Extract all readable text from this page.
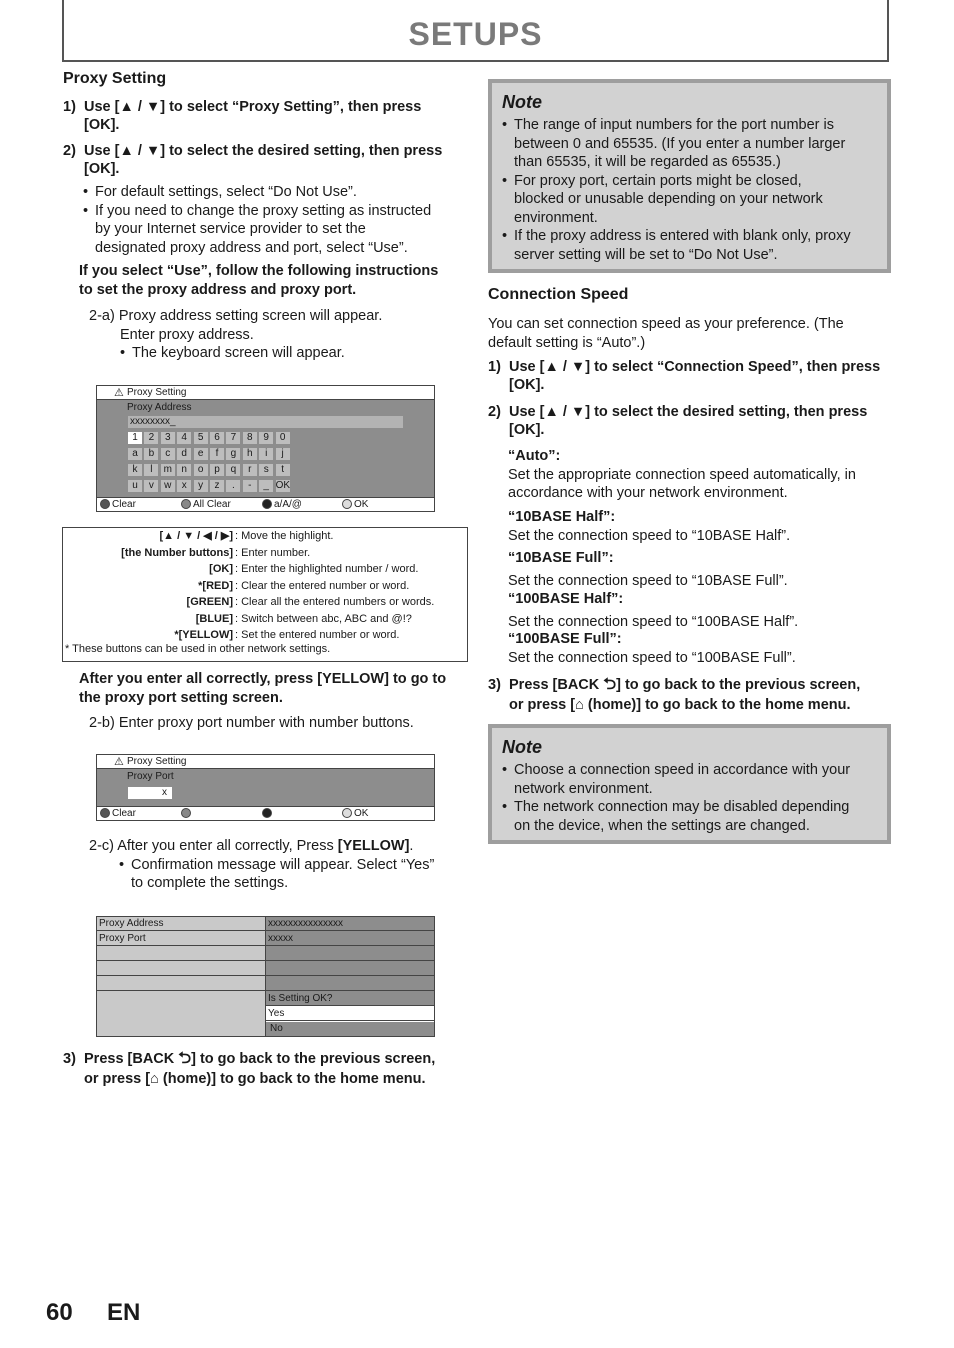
SETUPS
Proxy Setting
1) Use [▲ / ▼] to select “Proxy Setting”, then press
[OK].
2) Use [▲ / ▼] to select the desired setting, then press
[OK].
• For default settings, select “Do Not Use”.
• If you need to change the proxy setting as instructed
by your Internet service provider to set the
designated proxy address and port, select “Use”.
If you select “Use”, follow the following instructions
to set the proxy address and proxy port.
2-a) Proxy address setting screen will appear.
Enter proxy address.
• The keyboard screen will appear.
⚠ Proxy Setting
Proxy Address
xxxxxxxx_
1	2	3	4	5	6	7	8	9	0
a	b	c	d	e	f	g	h	i	j
k	l	m n	o	p	q	r	s	t
u	v	w	x	y	z	.	-	_ OK
Clear	All Clear	a/A/@	OK
* These buttons can be used in other network settings.
[▲ / ▼ / ◀ / ▶] : Move the highlight.
[the Number buttons] : Enter number.
[OK] : Enter the highlighted number / word.
*[RED] : Clear the entered number or word.
[GREEN] : Clear all the entered numbers or words.
[BLUE] : Switch between abc, ABC and @!?
*[YELLOW] : Set the entered number or word.
After you enter all correctly, press [YELLOW] to go to
the proxy port setting screen.
2-b) Enter proxy port number with number buttons.
⚠ Proxy Setting
Proxy Port
x
Clear	OK
2-c) After you enter all correctly, Press [YELLOW].
• Confirmation message will appear. Select “Yes”
to complete the settings.
Proxy Address	xxxxxxxxxxxxxxx
Proxy Port	xxxxx
Is Setting OK?
Yes
No
3) Press [BACK ⮌] to go back to the previous screen,
or press [⌂ (home)] to go back to the home menu.
Note
• The range of input numbers for the port number is
between 0 and 65535. (If you enter a number larger
than 65535, it will be regarded as 65535.)
• For proxy port, certain ports might be closed,
blocked or unusable depending on your network
environment.
• If the proxy address is entered with blank only, proxy
server setting will be set to “Do Not Use”.
Connection Speed
You can set connection speed as your preference. (The
default setting is “Auto”.)
1) Use [▲ / ▼] to select “Connection Speed”, then press
[OK].
2) Use [▲ / ▼] to select the desired setting, then press
[OK].
“Auto”:
Set the appropriate connection speed automatically, in
accordance with your network environment.
“10BASE Half”:
Set the connection speed to “10BASE Half”.
“10BASE Full”:
Set the connection speed to “10BASE Full”.
“100BASE Half”:
Set the connection speed to “100BASE Half”.
“100BASE Full”:
Set the connection speed to “100BASE Full”.
3) Press [BACK ⮌] to go back to the previous screen,
or press [⌂ (home)] to go back to the home menu.
Note
• Choose a connection speed in accordance with your
network environment.
• The network connection may be disabled depending
on the device, when the settings are changed.
60 EN
